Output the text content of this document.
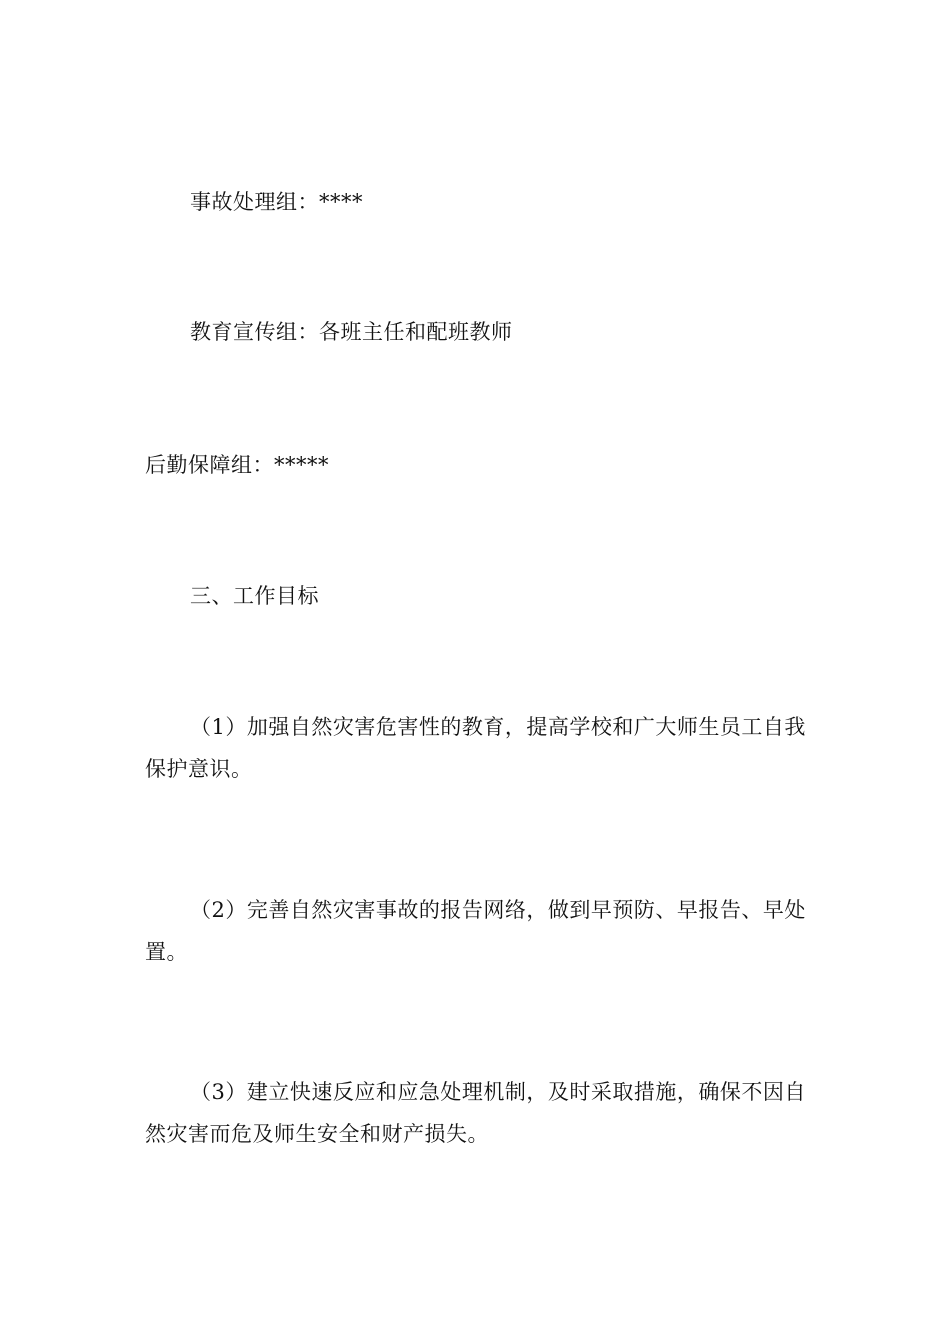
事故处理组：****

教育宣传组：各班主任和配班教师

后勤保障组：*****

三、工作目标

（1）加强自然灾害危害性的教育，提高学校和广大师生员工自我保护意识。

（2）完善自然灾害事故的报告网络，做到早预防、早报告、早处置。

（3）建立快速反应和应急处理机制，及时采取措施，确保不因自然灾害而危及师生安全和财产损失。
